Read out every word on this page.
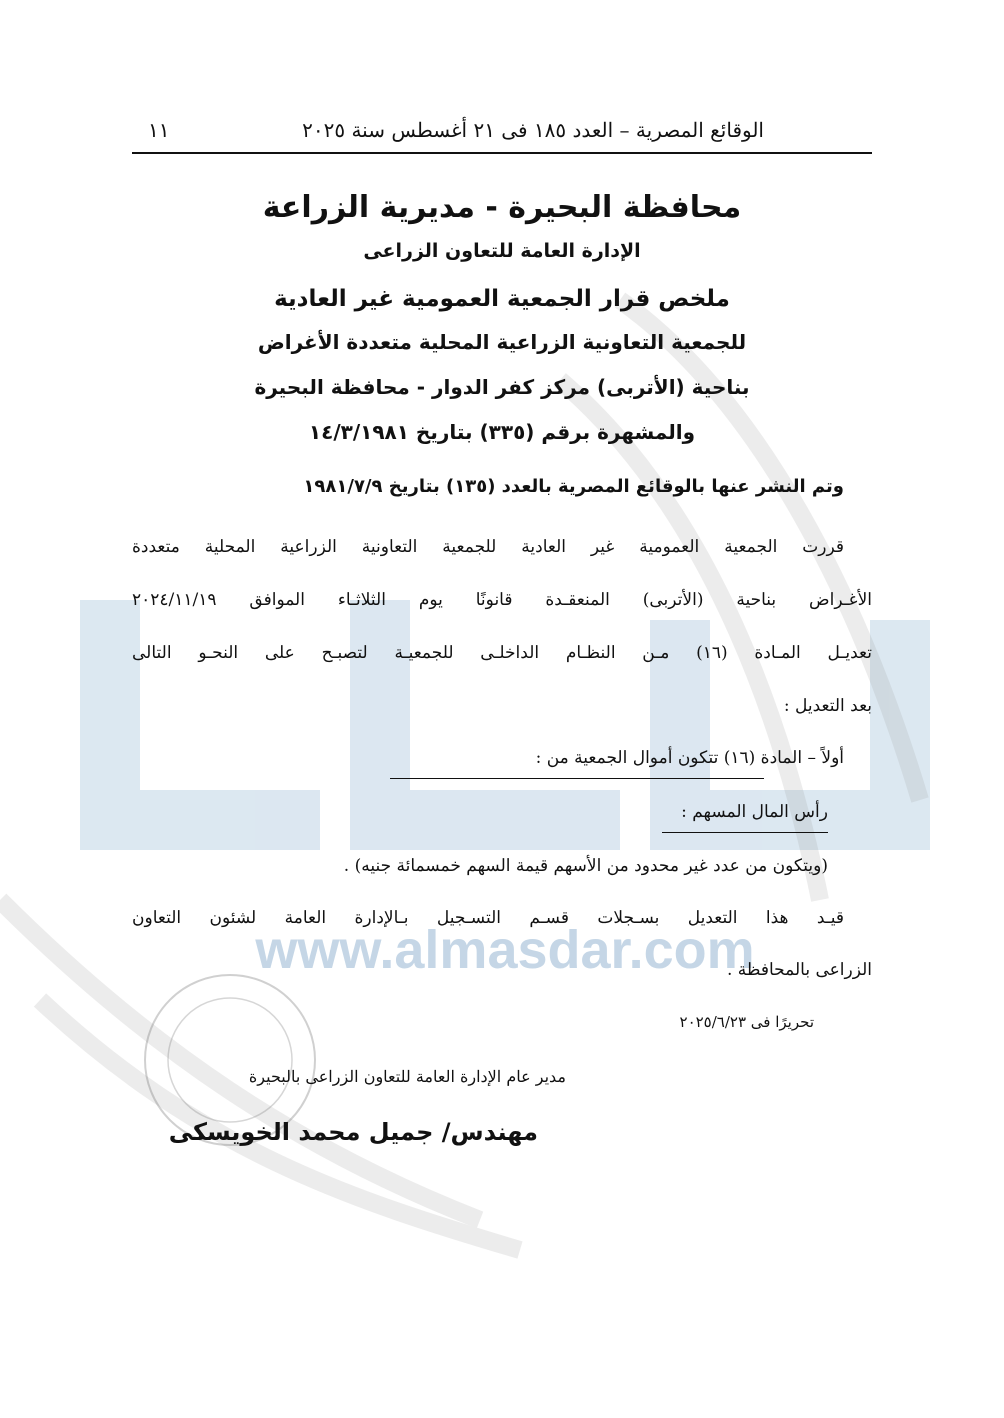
www.almasdar.com
الوقائع المصرية – العدد ١٨٥ فى ٢١ أغسطس سنة ٢٠٢٥
١١
محافظة البحيرة - مديرية الزراعة
الإدارة العامة للتعاون الزراعى
ملخص قرار الجمعية العمومية غير العادية
للجمعية التعاونية الزراعية المحلية متعددة الأغراض
بناحية (الأتربى) مركز كفر الدوار - محافظة البحيرة
والمشهرة برقم (٣٣٥) بتاريخ ١٤/٣/١٩٨١
وتم النشر عنها بالوقائع المصرية بالعدد (١٣٥) بتاريخ ١٩٨١/٧/٩
قررت الجمعية العمومية غير العادية للجمعية التعاونية الزراعية المحلية متعددة
الأغـراض بناحية (الأتربى) المنعقـدة قانونًا يوم الثلاثـاء الموافق ٢٠٢٤/١١/١٩
تعديـل المـادة (١٦) مـن النظـام الداخلـى للجمعيـة لتصبـح على النحـو التالى
بعد التعديل :
أولاً – المادة (١٦) تتكون أموال الجمعية من :
رأس المال المسهم :
(ويتكون من عدد غير محدود من الأسهم قيمة السهم خمسمائة جنيه) .
قيـد هذا التعديل بسـجلات قسـم التسـجيل بـالإدارة العامة لشئون التعاون
الزراعى بالمحافظة .
تحريرًا فى ٢٠٢٥/٦/٢٣
مدير عام الإدارة العامة للتعاون الزراعى بالبحيرة
مهندس/ جميل محمد الخويسكى
